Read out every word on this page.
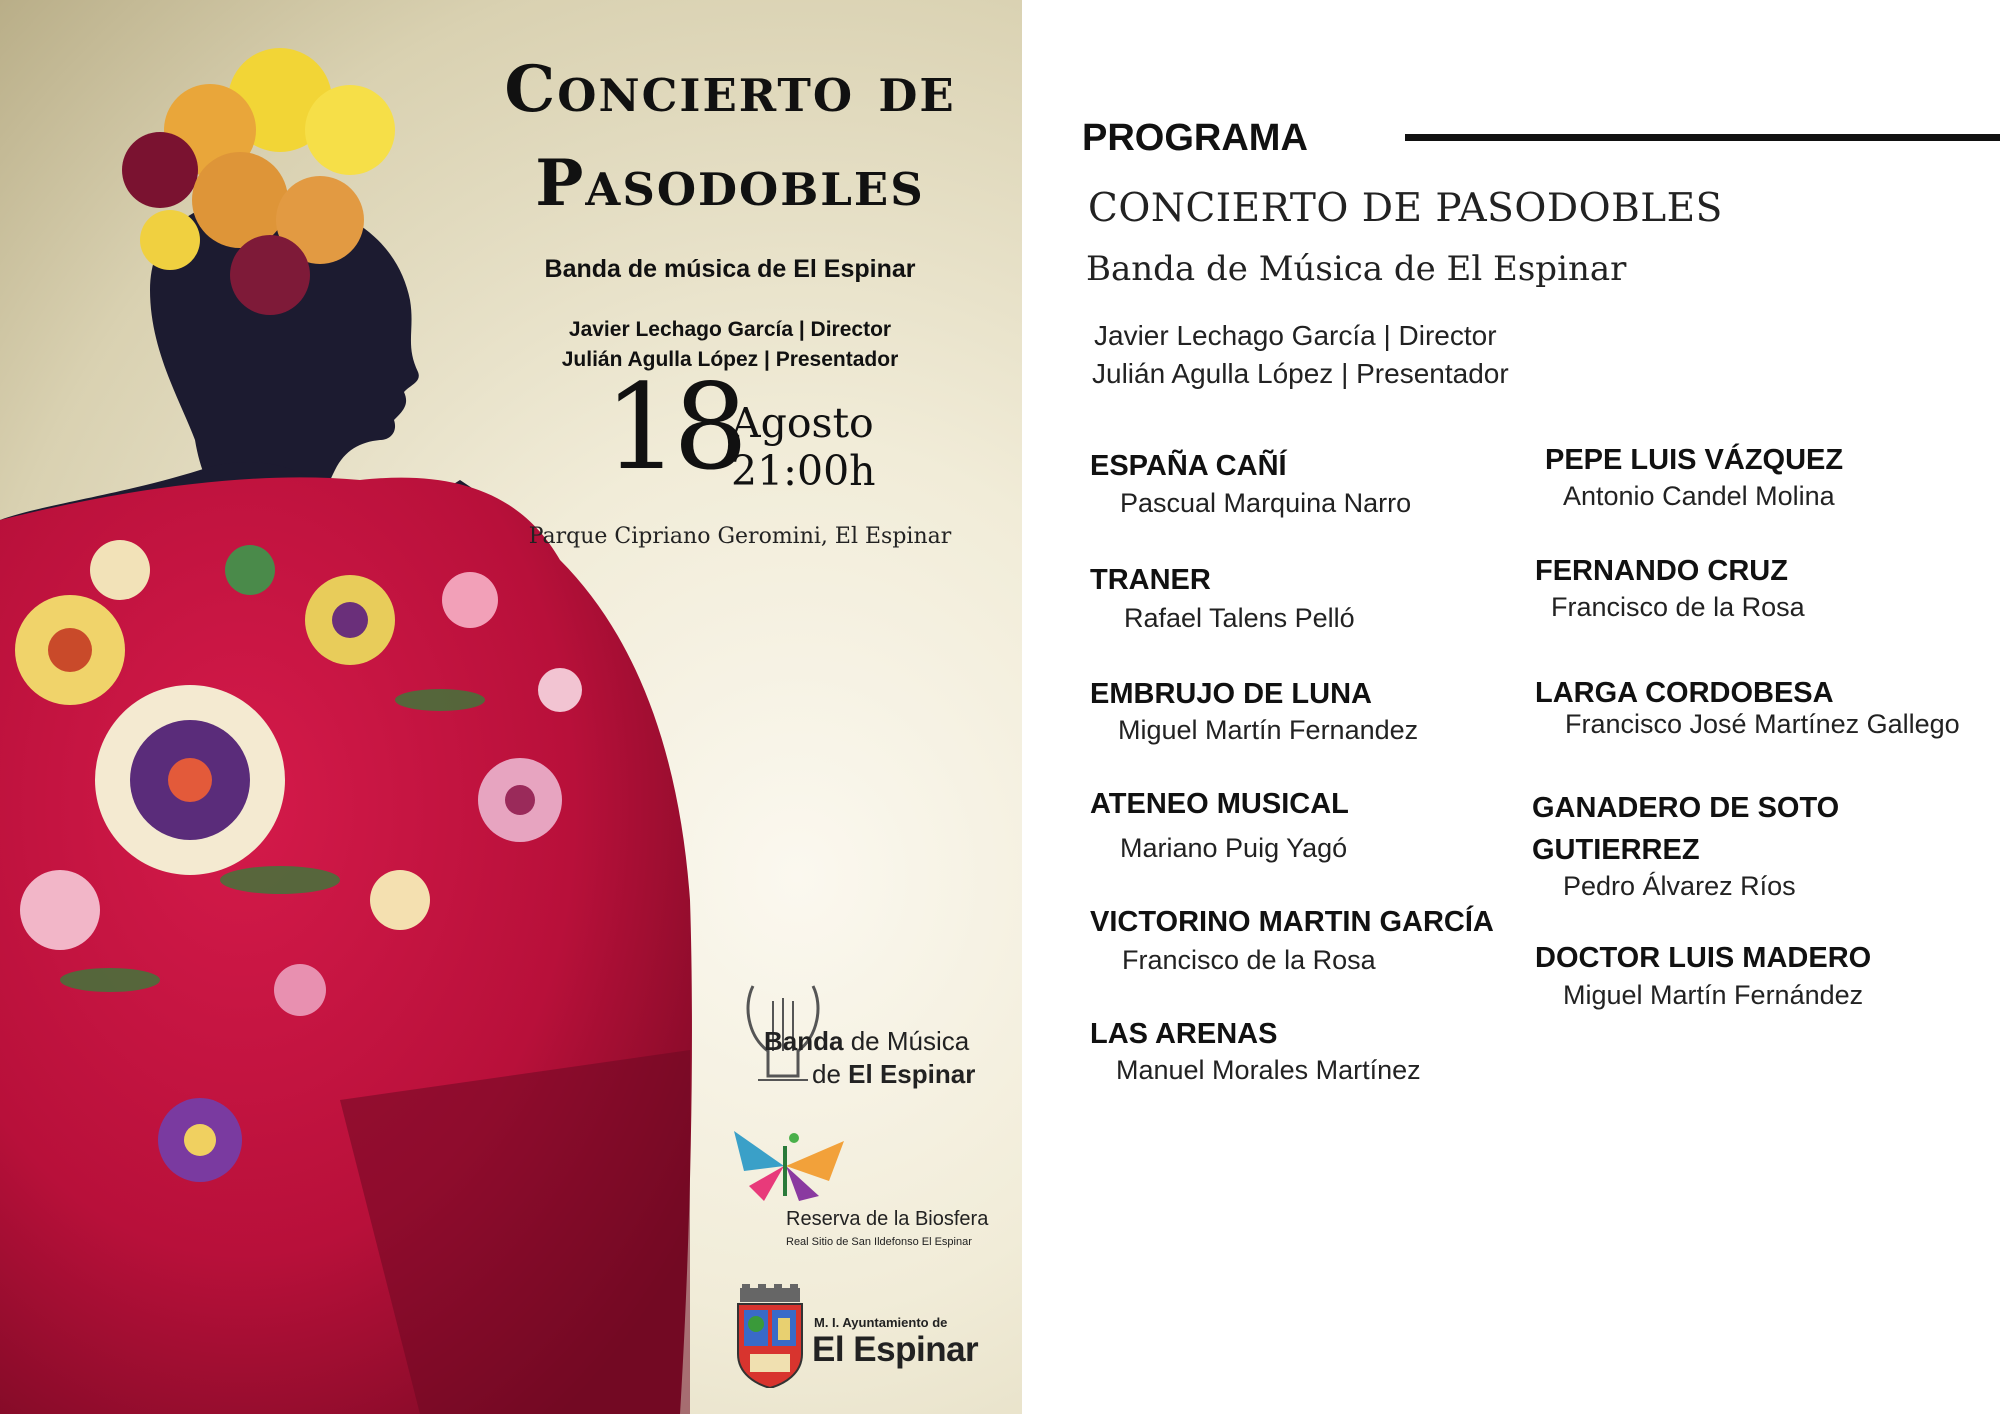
Concierto de
Pasodobles

Banda de música de El Espinar

Javier Lechago García | Director

Julián Agulla López | Presentador

18

Agosto

21:00h

Parque Cipriano Geromini, El Espinar

Banda de Música

de El Espinar

Reserva de la Biosfera

Real Sitio de San Ildefonso El Espinar

M. I. Ayuntamiento de

El Espinar

PROGRAMA

CONCIERTO DE PASODOBLES

Banda de Música de El Espinar

Javier Lechago García | Director

Julián Agulla López | Presentador

ESPAÑA CAÑÍ

Pascual Marquina Narro

TRANER

Rafael Talens Pelló

EMBRUJO DE LUNA

Miguel Martín Fernandez

ATENEO MUSICAL

Mariano Puig Yagó

VICTORINO MARTIN GARCÍA

Francisco de la Rosa

LAS ARENAS

Manuel Morales Martínez

PEPE LUIS VÁZQUEZ

Antonio Candel Molina

FERNANDO CRUZ

Francisco de la Rosa

LARGA CORDOBESA

Francisco José Martínez Gallego

GANADERO DE SOTO

GUTIERREZ

Pedro Álvarez Ríos

DOCTOR LUIS MADERO

Miguel Martín Fernández
